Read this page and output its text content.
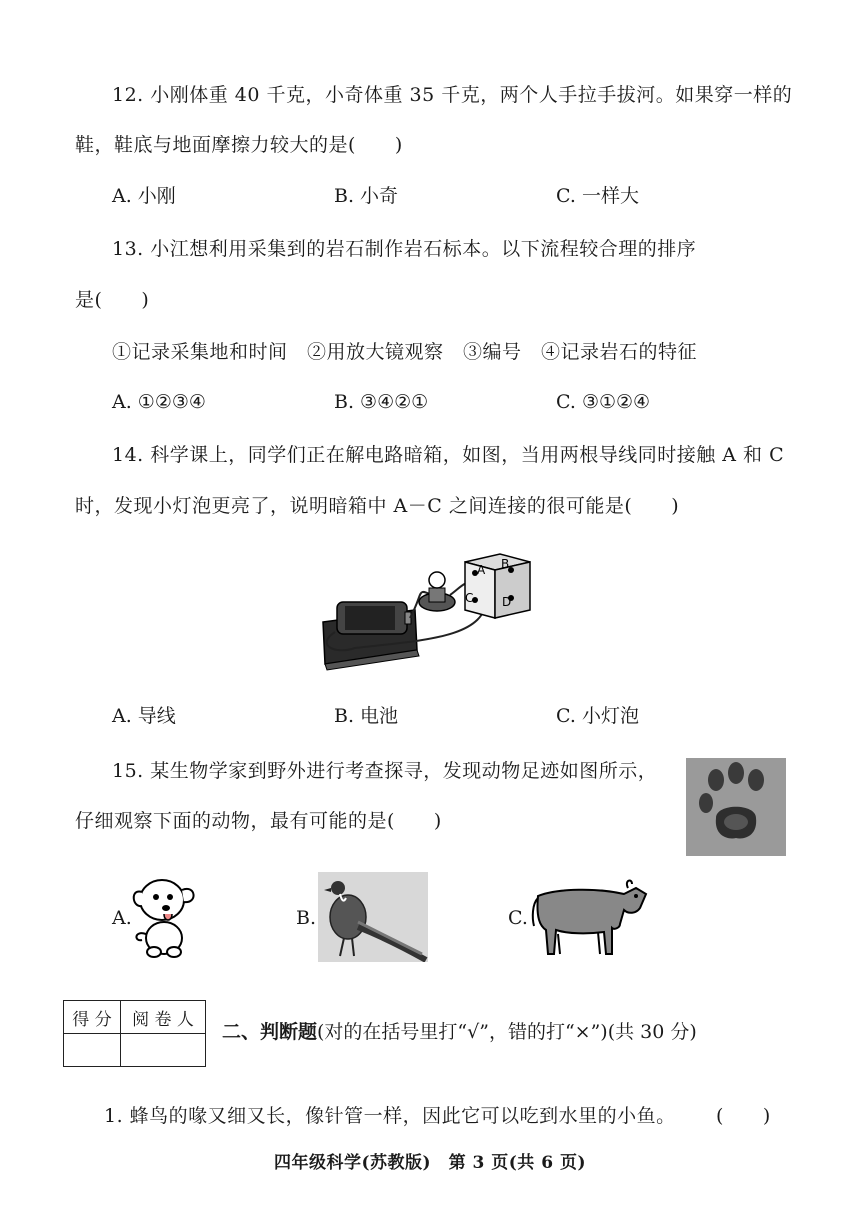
12. 小刚体重 40 千克，小奇体重 35 千克，两个人手拉手拔河。如果穿一样的
鞋，鞋底与地面摩擦力较大的是(　　)
A. 小刚	B. 小奇	C. 一样大
13. 小江想利用采集到的岩石制作岩石标本。以下流程较合理的排序
是(　　)
①记录采集地和时间　②用放大镜观察　③编号　④记录岩石的特征
A. ①②③④	B. ③④②①	C. ③①②④
14. 科学课上，同学们正在解电路暗箱，如图，当用两根导线同时接触 A 和 C
时，发现小灯泡更亮了，说明暗箱中 A－C 之间连接的很可能是(　　)
A B
C D
A. 导线	B. 电池	C. 小灯泡
15. 某生物学家到野外进行考查探寻，发现动物足迹如图所示，
仔细观察下面的动物，最有可能的是(　　)
A.	B.	C.
得 分	阅 卷 人

二、判断题(对的在括号里打“√”，错的打“×”)(共 30 分)
1. 蜂鸟的喙又细又长，像针管一样，因此它可以吃到水里的小鱼。 (　　)
四年级科学(苏教版)　第 3 页(共 6 页)
